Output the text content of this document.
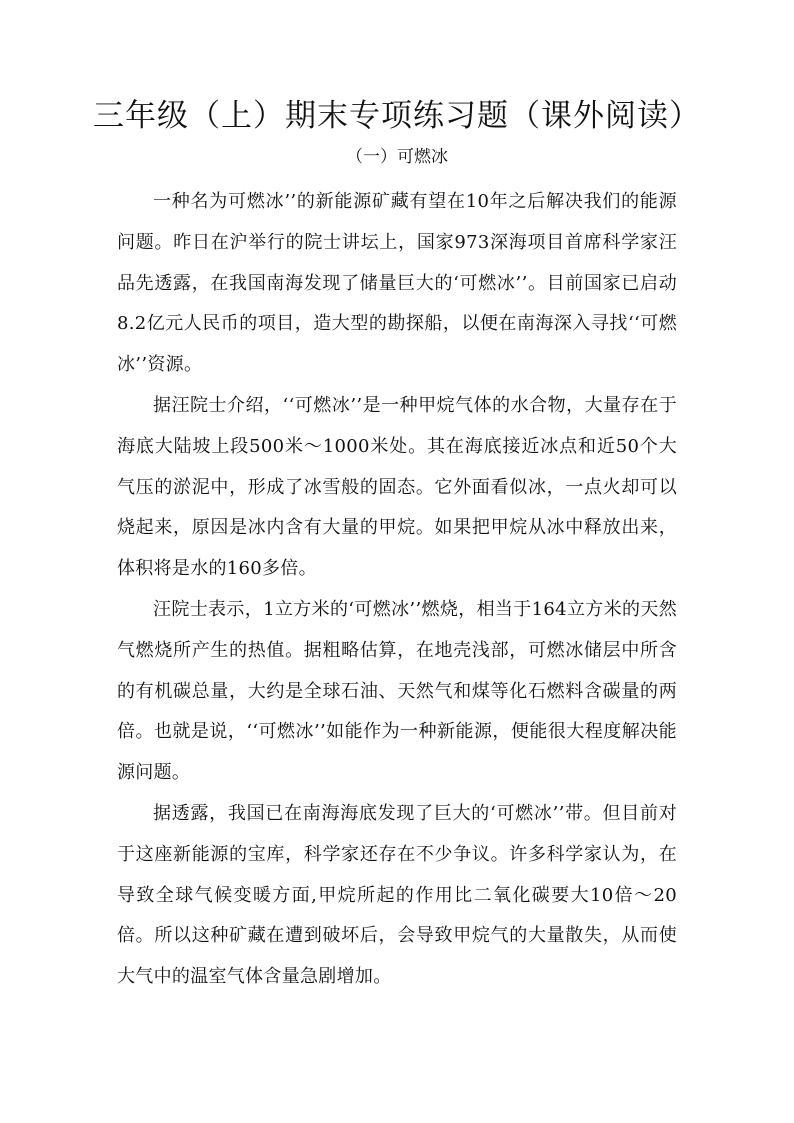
三年级（上）期末专项练习题（课外阅读）
（一）可燃冰

一种名为可燃冰’’的新能源矿藏有望在10年之后解决我们的能源问题。昨日在沪举行的院士讲坛上，国家973深海项目首席科学家汪品先透露，在我国南海发现了储量巨大的‘可燃冰’’。目前国家已启动8.2亿元人民币的项目，造大型的勘探船，以便在南海深入寻找‘‘可燃冰’’资源。

据汪院士介绍，‘‘可燃冰’’是一种甲烷气体的水合物，大量存在于海底大陆坡上段500米～1000米处。其在海底接近冰点和近50个大气压的淤泥中，形成了冰雪般的固态。它外面看似冰，一点火却可以烧起来，原因是冰内含有大量的甲烷。如果把甲烷从冰中释放出来，体积将是水的160多倍。

汪院士表示，1立方米的‘可燃冰’’燃烧，相当于164立方米的天然气燃烧所产生的热值。据粗略估算，在地壳浅部，可燃冰储层中所含的有机碳总量，大约是全球石油、天然气和煤等化石燃料含碳量的两倍。也就是说，‘‘可燃冰’’如能作为一种新能源，便能很大程度解决能源问题。

据透露，我国已在南海海底发现了巨大的‘可燃冰’’带。但目前对于这座新能源的宝库，科学家还存在不少争议。许多科学家认为，在导致全球气候变暖方面,甲烷所起的作用比二氧化碳要大10倍～20倍。所以这种矿藏在遭到破坏后，会导致甲烷气的大量散失，从而使大气中的温室气体含量急剧增加。
